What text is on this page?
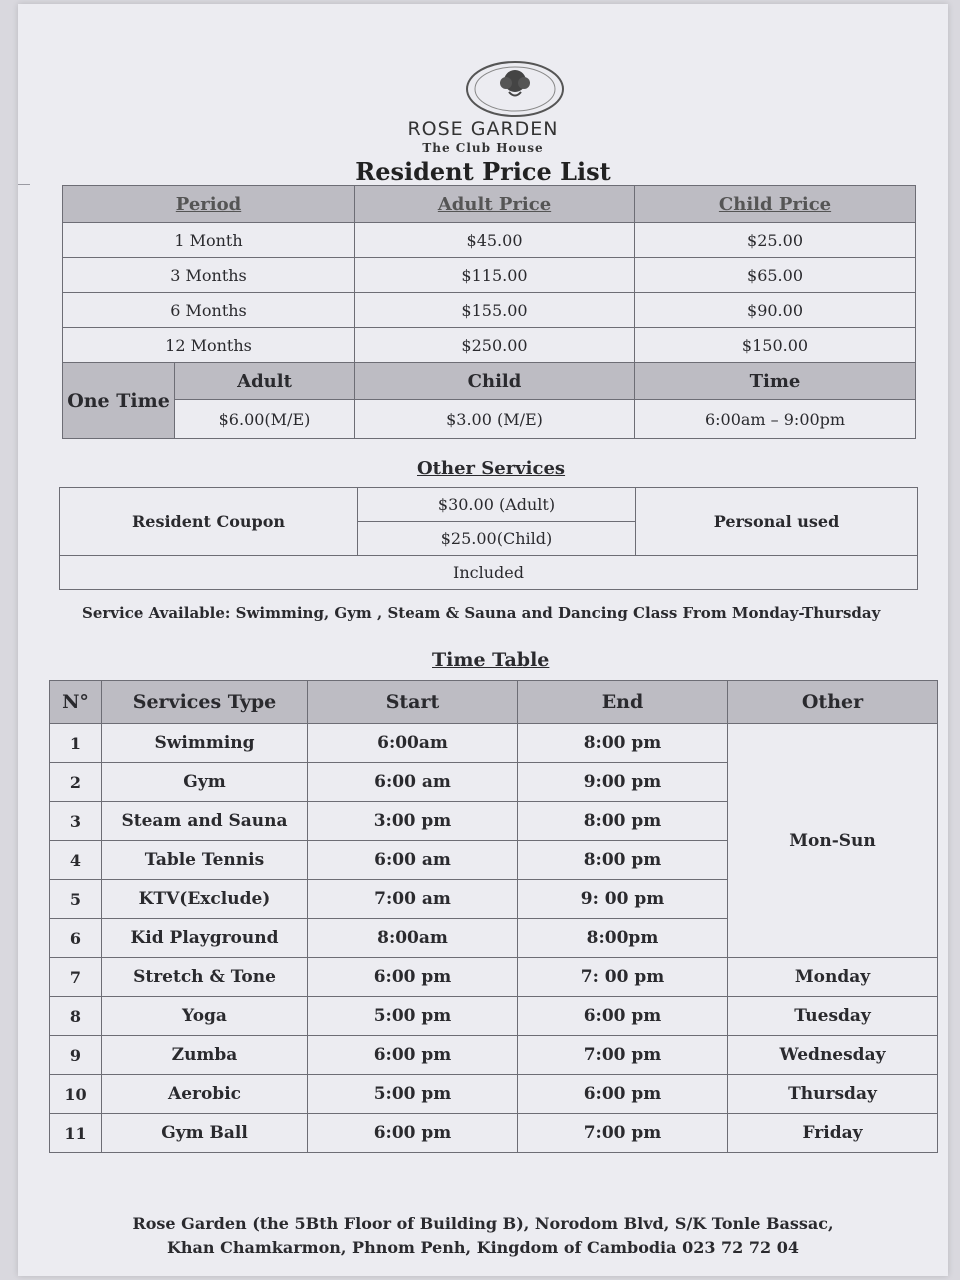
ROSE GARDEN
The Club House
Resident Price List
Period		Adult Price	Child Price
1 Month		$45.00	$25.00
3 Months		$115.00	$65.00
6 Months		$155.00	$90.00
12 Months		$250.00	$150.00
One Time	Adult	Child	Time
	$6.00(M/E)	$3.00 (M/E)	6:00am – 9:00pm
Other Services
Resident Coupon	$30.00 (Adult)	Personal used
$25.00(Child)
Included
Service Available: Swimming, Gym , Steam & Sauna and Dancing Class From Monday-Thursday
Time Table
N°	Services Type	Start	End	Other
1	Swimming	6:00am	8:00 pm	Mon-Sun
2	Gym	6:00 am	9:00 pm	
3	Steam and Sauna	3:00 pm	8:00 pm	
4	Table Tennis	6:00 am	8:00 pm	
5	KTV(Exclude)	7:00 am	9: 00 pm	
6	Kid Playground	8:00am	8:00pm	
7	Stretch & Tone	6:00 pm	7: 00 pm	Monday
8	Yoga	5:00 pm	6:00 pm	Tuesday
9	Zumba	6:00 pm	7:00 pm	Wednesday
10	Aerobic	5:00 pm	6:00 pm	Thursday
11	Gym Ball	6:00 pm	7:00 pm	Friday
Rose Garden (the 5Bth Floor of Building B), Norodom Blvd, S/K Tonle Bassac,
Khan Chamkarmon, Phnom Penh, Kingdom of Cambodia 023 72 72 04
